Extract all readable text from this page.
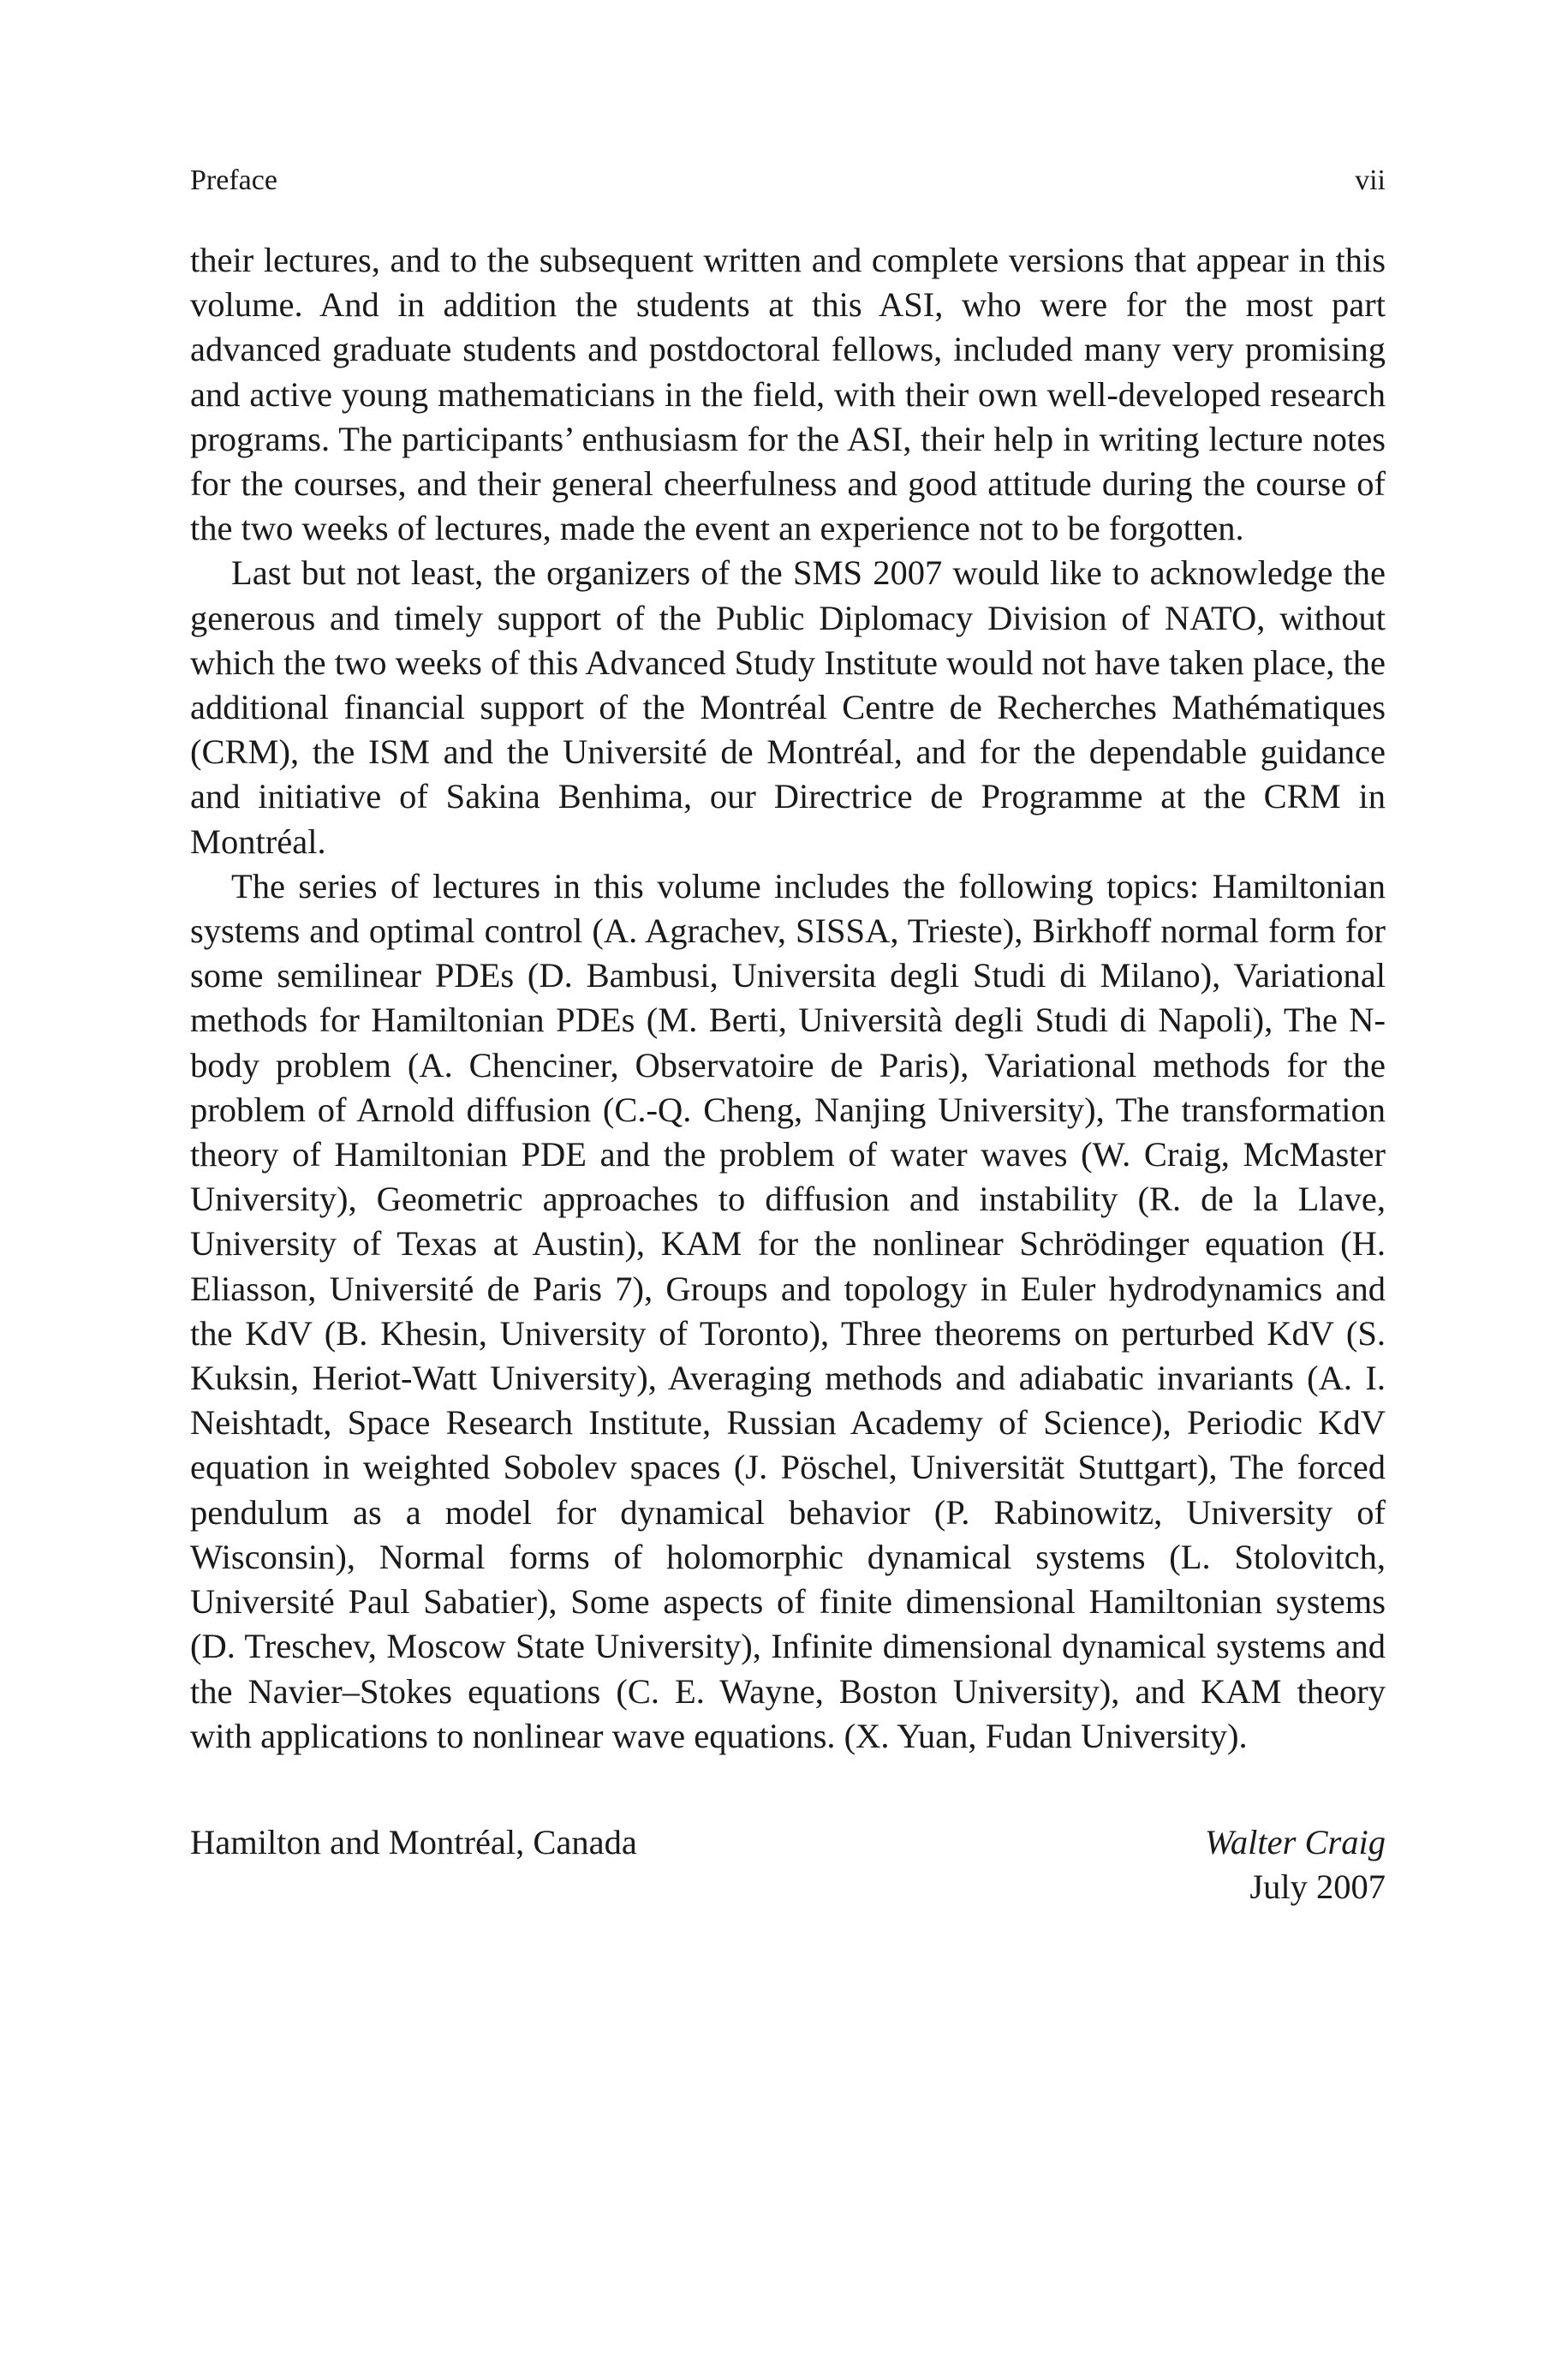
Preface	vii

their lectures, and to the subsequent written and complete versions that appear in this volume. And in addition the students at this ASI, who were for the most part advanced graduate students and postdoctoral fellows, included many very promising and active young mathematicians in the field, with their own well-developed research programs. The participants’ enthusiasm for the ASI, their help in writing lecture notes for the courses, and their general cheerfulness and good attitude during the course of the two weeks of lectures, made the event an experience not to be forgotten.

Last but not least, the organizers of the SMS 2007 would like to acknowledge the generous and timely support of the Public Diplomacy Division of NATO, without which the two weeks of this Advanced Study Institute would not have taken place, the additional financial support of the Montréal Centre de Recherches Mathématiques (CRM), the ISM and the Université de Montréal, and for the dependable guidance and initiative of Sakina Benhima, our Directrice de Programme at the CRM in Montréal.

The series of lectures in this volume includes the following topics: Hamiltonian systems and optimal control (A. Agrachev, SISSA, Trieste), Birkhoff normal form for some semilinear PDEs (D. Bambusi, Universita degli Studi di Milano), Variational methods for Hamiltonian PDEs (M. Berti, Università degli Studi di Napoli), The N-body problem (A. Chenciner, Observatoire de Paris), Variational methods for the problem of Arnold diffusion (C.-Q. Cheng, Nanjing University), The transformation theory of Hamiltonian PDE and the problem of water waves (W. Craig, McMaster University), Geometric approaches to diffusion and instability (R. de la Llave, University of Texas at Austin), KAM for the nonlinear Schrödinger equation (H. Eliasson, Université de Paris 7), Groups and topology in Euler hydrodynamics and the KdV (B. Khesin, University of Toronto), Three theorems on perturbed KdV (S. Kuksin, Heriot-Watt University), Averaging methods and adiabatic invariants (A. I. Neishtadt, Space Research Institute, Russian Academy of Science), Periodic KdV equation in weighted Sobolev spaces (J. Pöschel, Universität Stuttgart), The forced pendulum as a model for dynamical behavior (P. Rabinowitz, University of Wisconsin), Normal forms of holomorphic dynamical systems (L. Stolovitch, Université Paul Sabatier), Some aspects of finite dimensional Hamiltonian systems (D. Treschev, Moscow State University), Infinite dimensional dynamical systems and the Navier–Stokes equations (C. E. Wayne, Boston University), and KAM theory with applications to nonlinear wave equations. (X. Yuan, Fudan University).

Hamilton and Montréal, Canada	Walter Craig
July 2007
